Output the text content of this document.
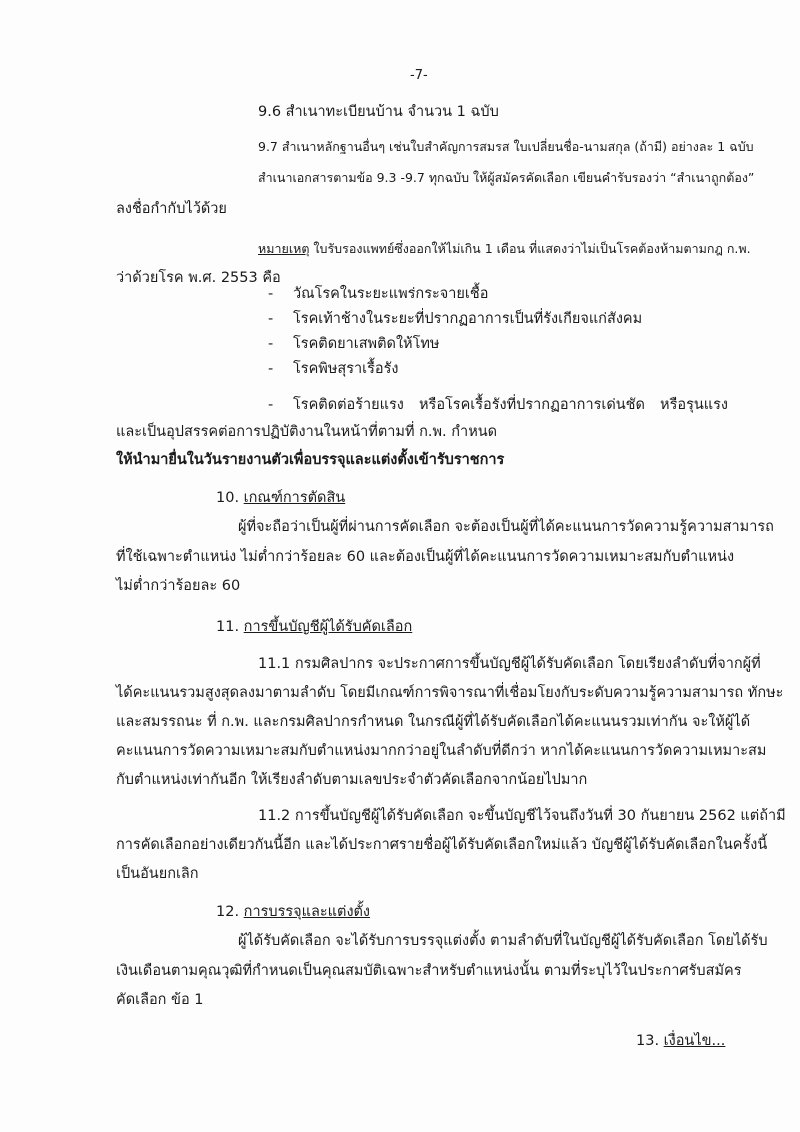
-7-
9.6 สำเนาทะเบียนบ้าน จำนวน 1 ฉบับ
9.7 สำเนาหลักฐานอื่นๆ เช่นใบสำคัญการสมรส ใบเปลี่ยนชื่อ-นามสกุล (ถ้ามี) อย่างละ 1 ฉบับ
สำเนาเอกสารตามข้อ 9.3 -9.7 ทุกฉบับ ให้ผู้สมัครคัดเลือก เขียนคำรับรองว่า “สำเนาถูกต้อง”
ลงชื่อกำกับไว้ด้วย
หมายเหตุ ใบรับรองแพทย์ซึ่งออกให้ไม่เกิน 1 เดือน ที่แสดงว่าไม่เป็นโรคต้องห้ามตามกฎ ก.พ.
ว่าด้วยโรค พ.ศ. 2553 คือ
- วัณโรคในระยะแพร่กระจายเชื้อ
- โรคเท้าช้างในระยะที่ปรากฏอาการเป็นที่รังเกียจแก่สังคม
- โรคติดยาเสพติดให้โทษ
- โรคพิษสุราเรื้อรัง
- โรคติดต่อร้ายแรง หรือโรคเรื้อรังที่ปรากฏอาการเด่นชัด หรือรุนแรง
และเป็นอุปสรรคต่อการปฏิบัติงานในหน้าที่ตามที่ ก.พ. กำหนด
ให้นำมายื่นในวันรายงานตัวเพื่อบรรจุและแต่งตั้งเข้ารับราชการ
10. เกณฑ์การตัดสิน
ผู้ที่จะถือว่าเป็นผู้ที่ผ่านการคัดเลือก จะต้องเป็นผู้ที่ได้คะแนนการวัดความรู้ความสามารถ
ที่ใช้เฉพาะตำแหน่ง ไม่ต่ำกว่าร้อยละ 60 และต้องเป็นผู้ที่ได้คะแนนการวัดความเหมาะสมกับตำแหน่ง
ไม่ต่ำกว่าร้อยละ 60
11. การขึ้นบัญชีผู้ได้รับคัดเลือก
11.1 กรมศิลปากร จะประกาศการขึ้นบัญชีผู้ได้รับคัดเลือก โดยเรียงลำดับที่จากผู้ที่
ได้คะแนนรวมสูงสุดลงมาตามลำดับ โดยมีเกณฑ์การพิจารณาที่เชื่อมโยงกับระดับความรู้ความสามารถ ทักษะ
และสมรรถนะ ที่ ก.พ. และกรมศิลปากรกำหนด ในกรณีผู้ที่ได้รับคัดเลือกได้คะแนนรวมเท่ากัน จะให้ผู้ได้
คะแนนการวัดความเหมาะสมกับตำแหน่งมากกว่าอยู่ในลำดับที่ดีกว่า หากได้คะแนนการวัดความเหมาะสม
กับตำแหน่งเท่ากันอีก ให้เรียงลำดับตามเลขประจำตัวคัดเลือกจากน้อยไปมาก
11.2 การขึ้นบัญชีผู้ได้รับคัดเลือก จะขึ้นบัญชีไว้จนถึงวันที่ 30 กันยายน 2562 แต่ถ้ามี
การคัดเลือกอย่างเดียวกันนี้อีก และได้ประกาศรายชื่อผู้ได้รับคัดเลือกใหม่แล้ว บัญชีผู้ได้รับคัดเลือกในครั้งนี้
เป็นอันยกเลิก
12. การบรรจุและแต่งตั้ง
ผู้ได้รับคัดเลือก จะได้รับการบรรจุแต่งตั้ง ตามลำดับที่ในบัญชีผู้ได้รับคัดเลือก โดยได้รับ
เงินเดือนตามคุณวุฒิที่กำหนดเป็นคุณสมบัติเฉพาะสำหรับตำแหน่งนั้น ตามที่ระบุไว้ในประกาศรับสมัคร
คัดเลือก ข้อ 1
13. เงื่อนไข...
